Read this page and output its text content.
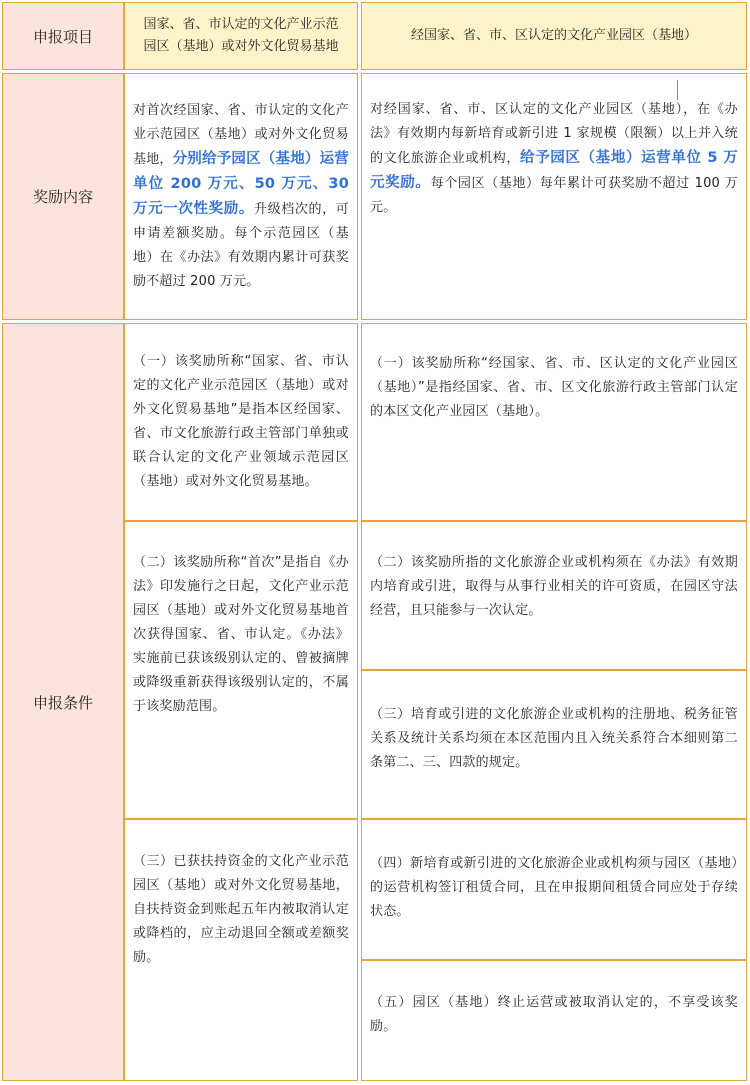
申报项目
国家、省、市认定的文化产业示范园区（基地）或对外文化贸易基地
经国家、省、市、区认定的文化产业园区（基地）
奖励内容

对首次经国家、省、市认定的文化产业示范园区（基地）或对外文化贸易基地，分别给予园区（基地）运营单位 200 万元、50 万元、30 万元一次性奖励。升级档次的，可申请差额奖励。每个示范园区（基地）在《办法》有效期内累计可获奖励不超过 200 万元。

对经国家、省、市、区认定的文化产业园区（基地），在《办法》有效期内每新培育或新引进 1 家规模（限额）以上并入统的文化旅游企业或机构，给予园区（基地）运营单位 5 万元奖励。每个园区（基地）每年累计可获奖励不超过 100 万元。

申报条件

（一）该奖励所称“国家、省、市认定的文化产业示范园区（基地）或对外文化贸易基地”是指本区经国家、省、市文化旅游行政主管部门单独或联合认定的文化产业领域示范园区（基地）或对外文化贸易基地。

（二）该奖励所称“首次”是指自《办法》印发施行之日起，文化产业示范园区（基地）或对外文化贸易基地首次获得国家、省、市认定。《办法》实施前已获该级别认定的、曾被摘牌或降级重新获得该级别认定的，不属于该奖励范围。

（三）已获扶持资金的文化产业示范园区（基地）或对外文化贸易基地，自扶持资金到账起五年内被取消认定或降档的，应主动退回全额或差额奖励。

（一）该奖励所称“经国家、省、市、区认定的文化产业园区（基地）”是指经国家、省、市、区文化旅游行政主管部门认定的本区文化产业园区（基地）。

（二）该奖励所指的文化旅游企业或机构须在《办法》有效期内培育或引进，取得与从事行业相关的许可资质，在园区守法经营，且只能参与一次认定。

（三）培育或引进的文化旅游企业或机构的注册地、税务征管关系及统计关系均须在本区范围内且入统关系符合本细则第二条第二、三、四款的规定。

（四）新培育或新引进的文化旅游企业或机构须与园区（基地）的运营机构签订租赁合同，且在申报期间租赁合同应处于存续状态。

（五）园区（基地）终止运营或被取消认定的，不享受该奖励。
